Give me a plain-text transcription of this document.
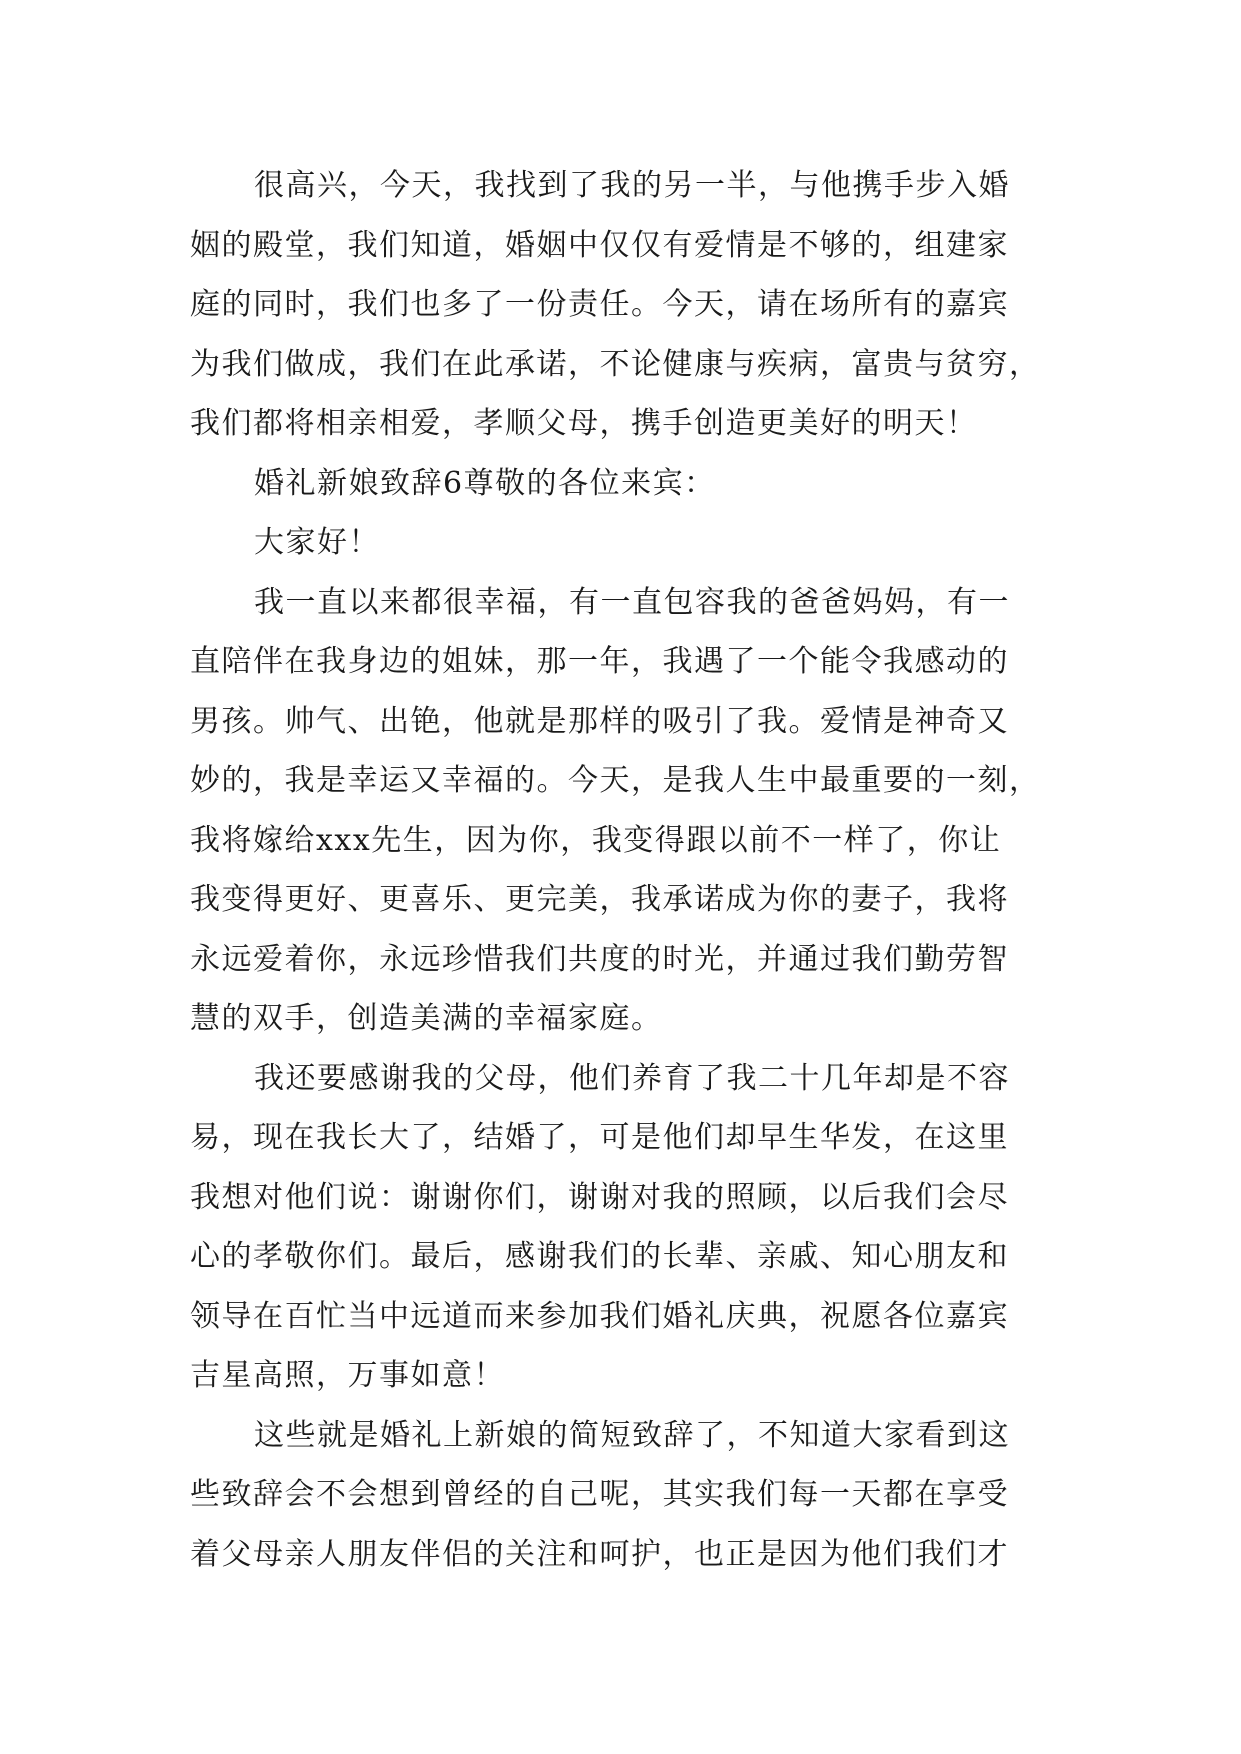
很高兴，今天，我找到了我的另一半，与他携手步入婚
姻的殿堂，我们知道，婚姻中仅仅有爱情是不够的，组建家
庭的同时，我们也多了一份责任。今天，请在场所有的嘉宾
为我们做成，我们在此承诺，不论健康与疾病，富贵与贫穷，
我们都将相亲相爱，孝顺父母，携手创造更美好的明天！

婚礼新娘致辞6尊敬的各位来宾：

大家好！

我一直以来都很幸福，有一直包容我的爸爸妈妈，有一
直陪伴在我身边的姐妹，那一年，我遇了一个能令我感动的
男孩。帅气、出铯，他就是那样的吸引了我。爱情是神奇又
妙的，我是幸运又幸福的。今天，是我人生中最重要的一刻，
我将嫁给xxx先生，因为你，我变得跟以前不一样了，你让
我变得更好、更喜乐、更完美，我承诺成为你的妻子，我将
永远爱着你，永远珍惜我们共度的时光，并通过我们勤劳智
慧的双手，创造美满的幸福家庭。

我还要感谢我的父母，他们养育了我二十几年却是不容
易，现在我长大了，结婚了，可是他们却早生华发，在这里
我想对他们说：谢谢你们，谢谢对我的照顾，以后我们会尽
心的孝敬你们。最后，感谢我们的长辈、亲戚、知心朋友和
领导在百忙当中远道而来参加我们婚礼庆典，祝愿各位嘉宾
吉星高照，万事如意！

这些就是婚礼上新娘的简短致辞了，不知道大家看到这
些致辞会不会想到曾经的自己呢，其实我们每一天都在享受
着父母亲人朋友伴侣的关注和呵护，也正是因为他们我们才
